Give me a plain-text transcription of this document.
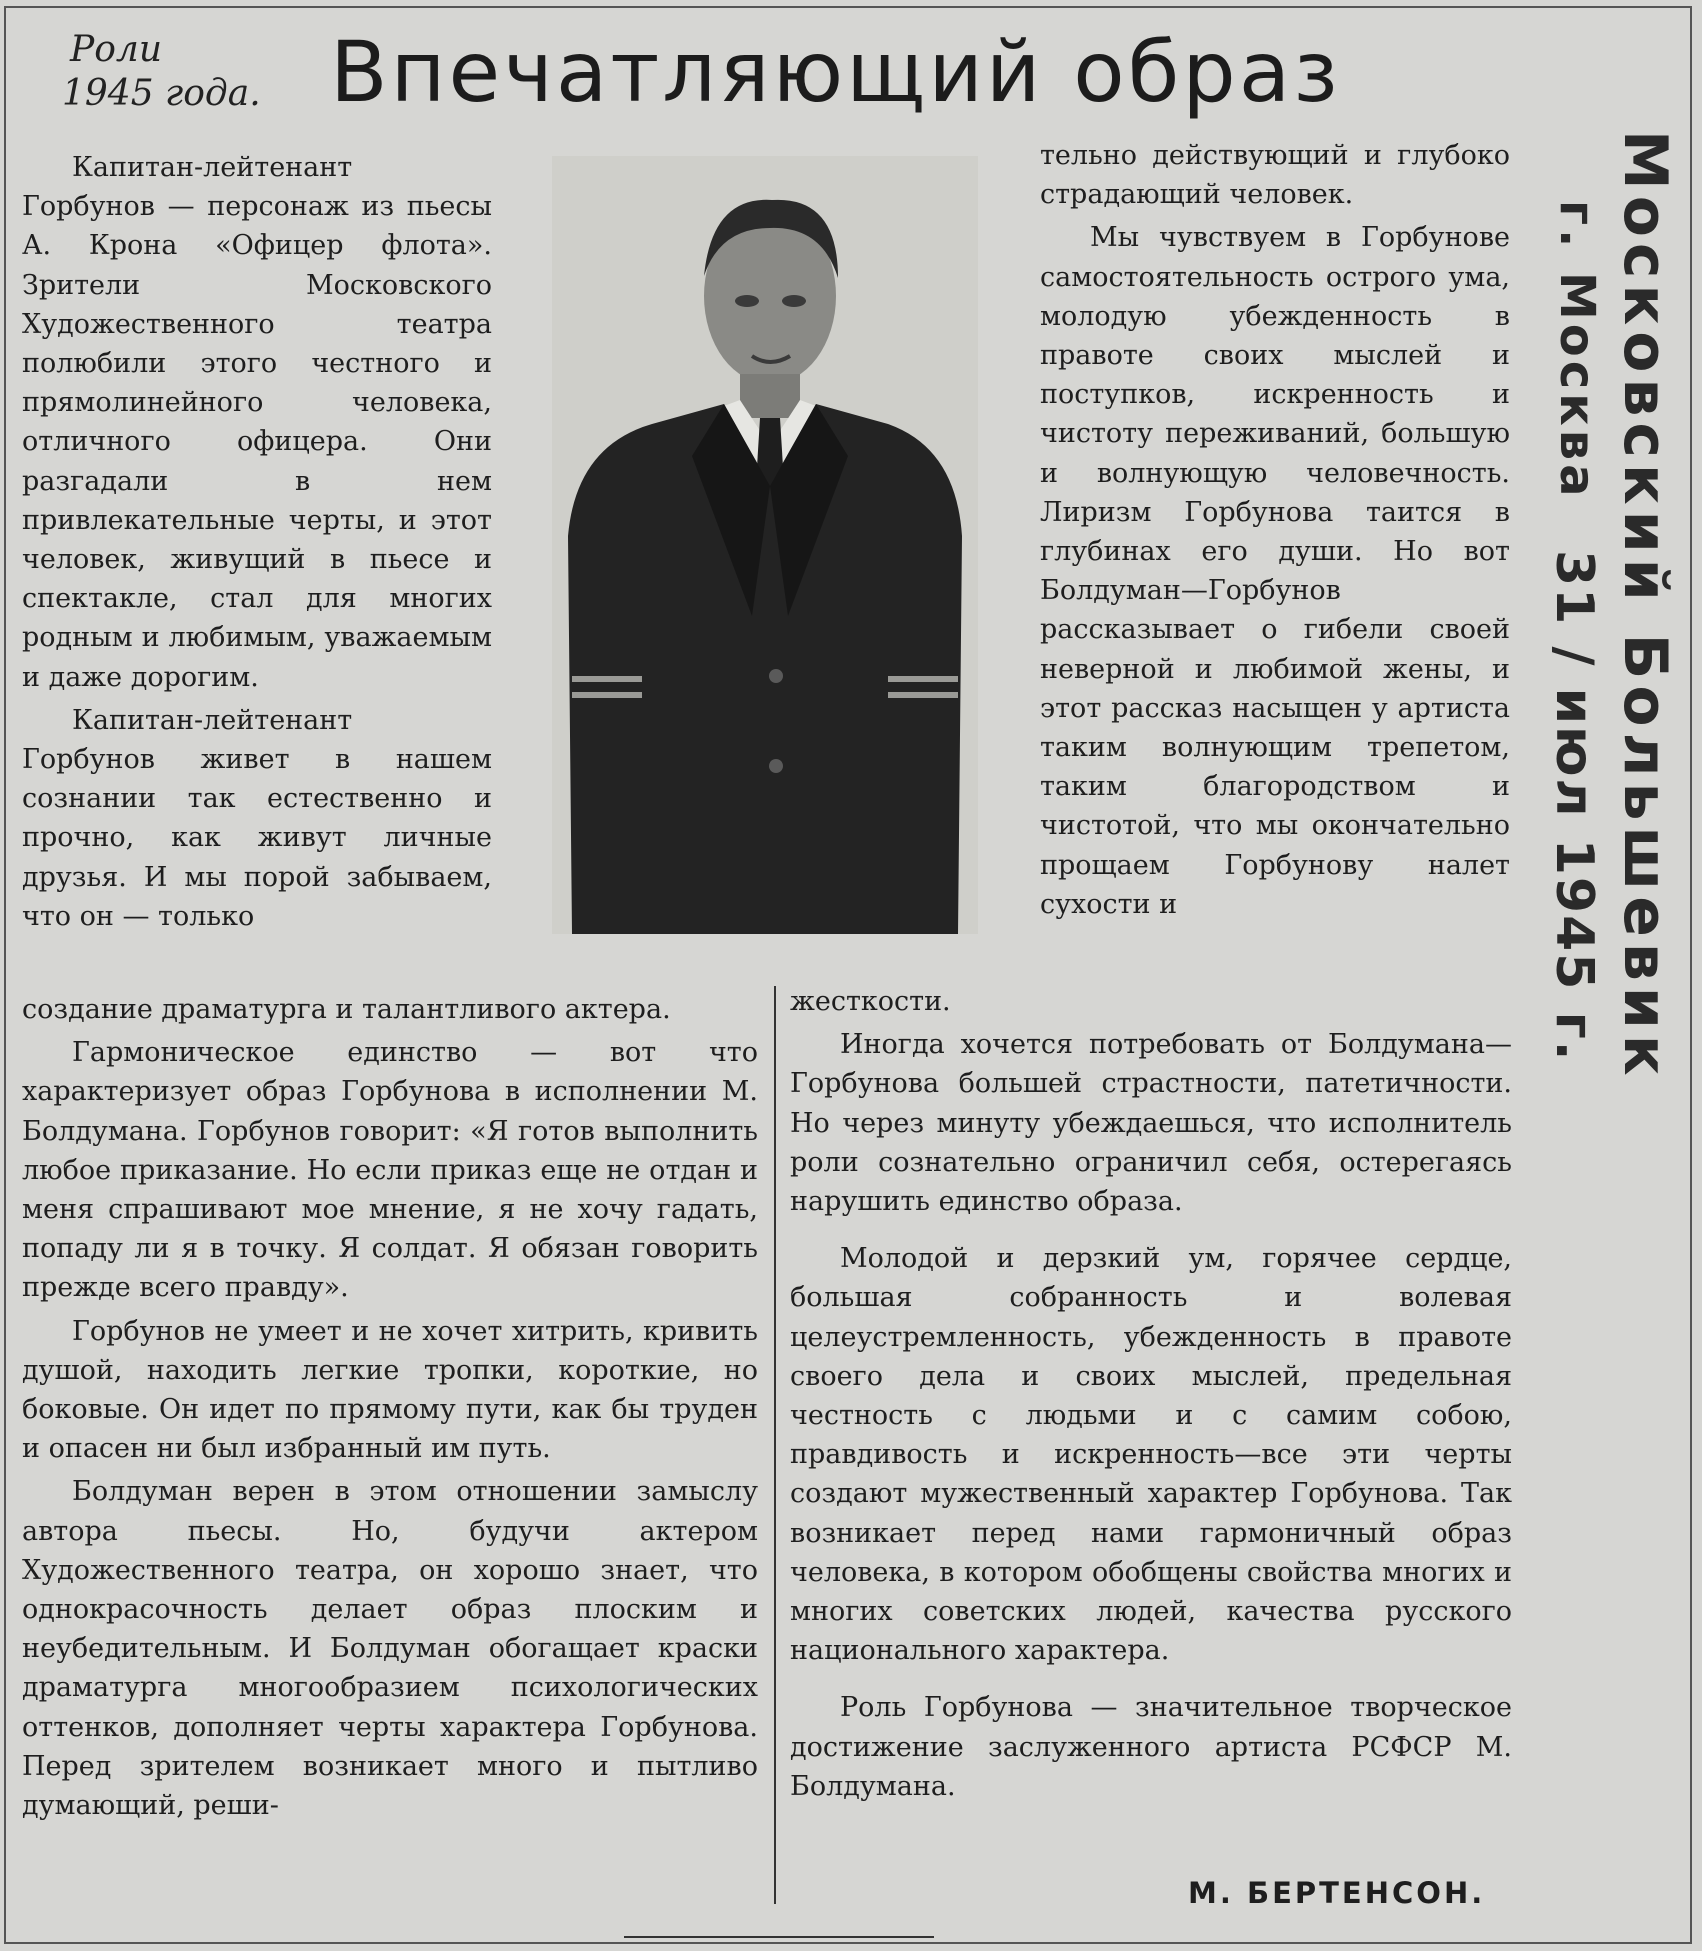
Роли
1945 года. Впечатляющий образ

Капитан-лейтенант Горбунов — персонаж из пьесы А. Крона «Офицер флота». Зрители Московского Художественного театра полюбили этого честного и прямолинейного человека, отличного офицера. Они разгадали в нем привлекательные черты, и этот человек, живущий в пьесе и спектакле, стал для многих родным и любимым, уважаемым и даже дорогим.

Капитан-лейтенант Горбунов живет в нашем сознании так естественно и прочно, как живут личные друзья. И мы порой забываем, что он — только

создание драматурга и талантливого актера.

Гармоническое единство — вот что характеризует образ Горбунова в исполнении М. Болдумана. Горбунов говорит: «Я готов выполнить любое приказание. Но если приказ еще не отдан и меня спрашивают мое мнение, я не хочу гадать, попаду ли я в точку. Я солдат. Я обязан говорить прежде всего правду».

Горбунов не умеет и не хочет хитрить, кривить душой, находить легкие тропки, короткие, но боковые. Он идет по прямому пути, как бы труден и опасен ни был избранный им путь.

Болдуман верен в этом отношении замыслу автора пьесы. Но, будучи актером Художественного театра, он хорошо знает, что однокрасочность делает образ плоским и неубедительным. И Болдуман обогащает краски драматурга многообразием психологических оттенков, дополняет черты характера Горбунова. Перед зрителем возникает много и пытливо думающий, реши-

тельно действующий и глубоко страдающий человек.

Мы чувствуем в Горбунове самостоятельность острого ума, молодую убежденность в правоте своих мыслей и поступков, искренность и чистоту переживаний, большую и волнующую человечность. Лиризм Горбунова таится в глубинах его души. Но вот Болдуман—Горбунов рассказывает о гибели своей неверной и любимой жены, и этот рассказ насыщен у артиста таким волнующим трепетом, таким благородством и чистотой, что мы окончательно прощаем Горбунову налет сухости и

жесткости.

Иногда хочется потребовать от Болдумана—Горбунова большей страстности, патетичности. Но через минуту убеждаешься, что исполнитель роли сознательно ограничил себя, остерегаясь нарушить единство образа.

Молодой и дерзкий ум, горячее сердце, большая собранность и волевая целеустремленность, убежденность в правоте своего дела и своих мыслей, предельная честность с людьми и с самим собою, правдивость и искренность—все эти черты создают мужественный характер Горбунова. Так возникает перед нами гармоничный образ человека, в котором обобщены свойства многих и многих советских людей, качества русского национального характера.

Роль Горбунова — значительное творческое достижение заслуженного артиста РСФСР М. Болдумана.

М. БЕРТЕНСОН.
Московский Большевик
г. Москва
31 / июл 1945 г.
